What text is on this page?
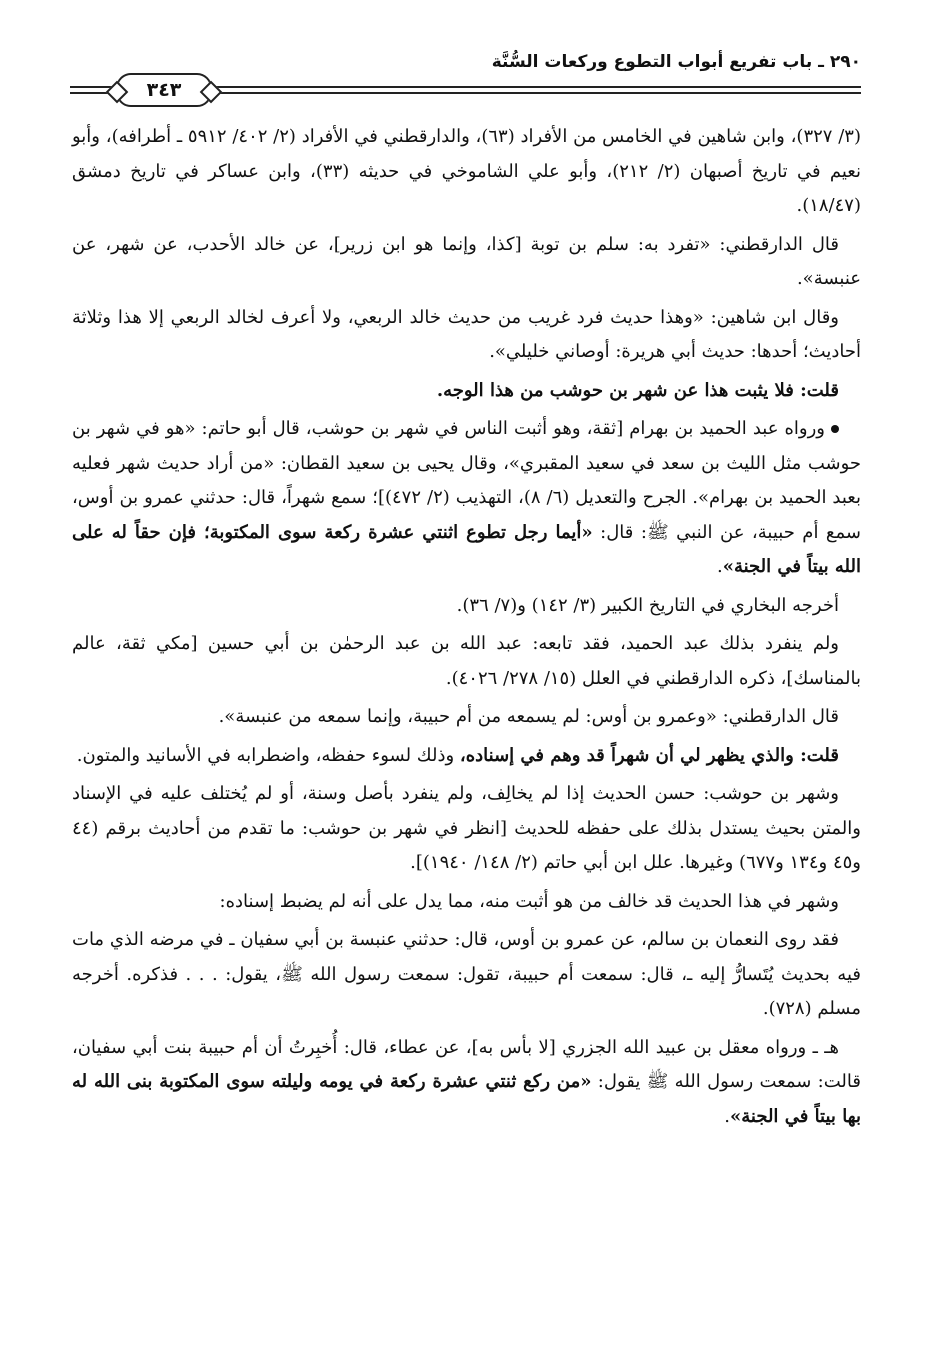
٢٩٠ ـ باب تفريع أبواب التطوع وركعات السُّنَّة
٣٤٣

(٣/ ٣٢٧)، وابن شاهين في الخامس من الأفراد (٦٣)، والدارقطني في الأفراد (٢/ ٤٠٢/ ٥٩١٢ ـ أطرافه)، وأبو نعيم في تاريخ أصبهان (٢/ ٢١٢)، وأبو علي الشاموخي في حديثه (٣٣)، وابن عساكر في تاريخ دمشق (١٨/٤٧).

قال الدارقطني: «تفرد به: سلم بن توبة [كذا، وإنما هو ابن زرير]، عن خالد الأحدب، عن شهر، عن عنبسة».

وقال ابن شاهين: «وهذا حديث فرد غريب من حديث خالد الربعي، ولا أعرف لخالد الربعي إلا هذا وثلاثة أحاديث؛ أحدها: حديث أبي هريرة: أوصاني خليلي».

قلت: فلا يثبت هذا عن شهر بن حوشب من هذا الوجه.

ورواه عبد الحميد بن بهرام [ثقة، وهو أثبت الناس في شهر بن حوشب، قال أبو حاتم: «هو في شهر بن حوشب مثل الليث بن سعد في سعيد المقبري»، وقال يحيى بن سعيد القطان: «من أراد حديث شهر فعليه بعبد الحميد بن بهرام». الجرح والتعديل (٦/ ٨)، التهذيب (٢/ ٤٧٢)]؛ سمع شهراً، قال: حدثني عمرو بن أوس، سمع أم حبيبة، عن النبي ﷺ: قال: «أيما رجل تطوع اثنتي عشرة ركعة سوى المكتوبة؛ فإن حقاً له على الله بيتاً في الجنة».

أخرجه البخاري في التاريخ الكبير (٣/ ١٤٢) و(٧/ ٣٦).

ولم ينفرد بذلك عبد الحميد، فقد تابعه: عبد الله بن عبد الرحمٰن بن أبي حسين [مكي ثقة، عالم بالمناسك]، ذكره الدارقطني في العلل (١٥/ ٢٧٨/ ٤٠٢٦).

قال الدارقطني: «وعمرو بن أوس: لم يسمعه من أم حبيبة، وإنما سمعه من عنبسة».

قلت: والذي يظهر لي أن شهراً قد وهم في إسناده، وذلك لسوء حفظه، واضطرابه في الأسانيد والمتون.

وشهر بن حوشب: حسن الحديث إذا لم يخالِف، ولم ينفرد بأصل وسنة، أو لم يُختلف عليه في الإسناد والمتن بحيث يستدل بذلك على حفظه للحديث [انظر في شهر بن حوشب: ما تقدم من أحاديث برقم (٤٤ و٤٥ و١٣٤ و٦٧٧) وغيرها. علل ابن أبي حاتم (٢/ ١٤٨/ ١٩٤٠)].

وشهر في هذا الحديث قد خالف من هو أثبت منه، مما يدل على أنه لم يضبط إسناده:

فقد روى النعمان بن سالم، عن عمرو بن أوس، قال: حدثني عنبسة بن أبي سفيان ـ في مرضه الذي مات فيه بحديث يُتَسارُّ إليه ـ، قال: سمعت أم حبيبة، تقول: سمعت رسول الله ﷺ، يقول: . . . فذكره. أخرجه مسلم (٧٢٨).

هـ ـ ورواه معقل بن عبيد الله الجزري [لا بأس به]، عن عطاء، قال: أُخبِرتُ أن أم حبيبة بنت أبي سفيان، قالت: سمعت رسول الله ﷺ يقول: «من ركع ثنتي عشرة ركعة في يومه وليلته سوى المكتوبة بنى الله له بها بيتاً في الجنة».
